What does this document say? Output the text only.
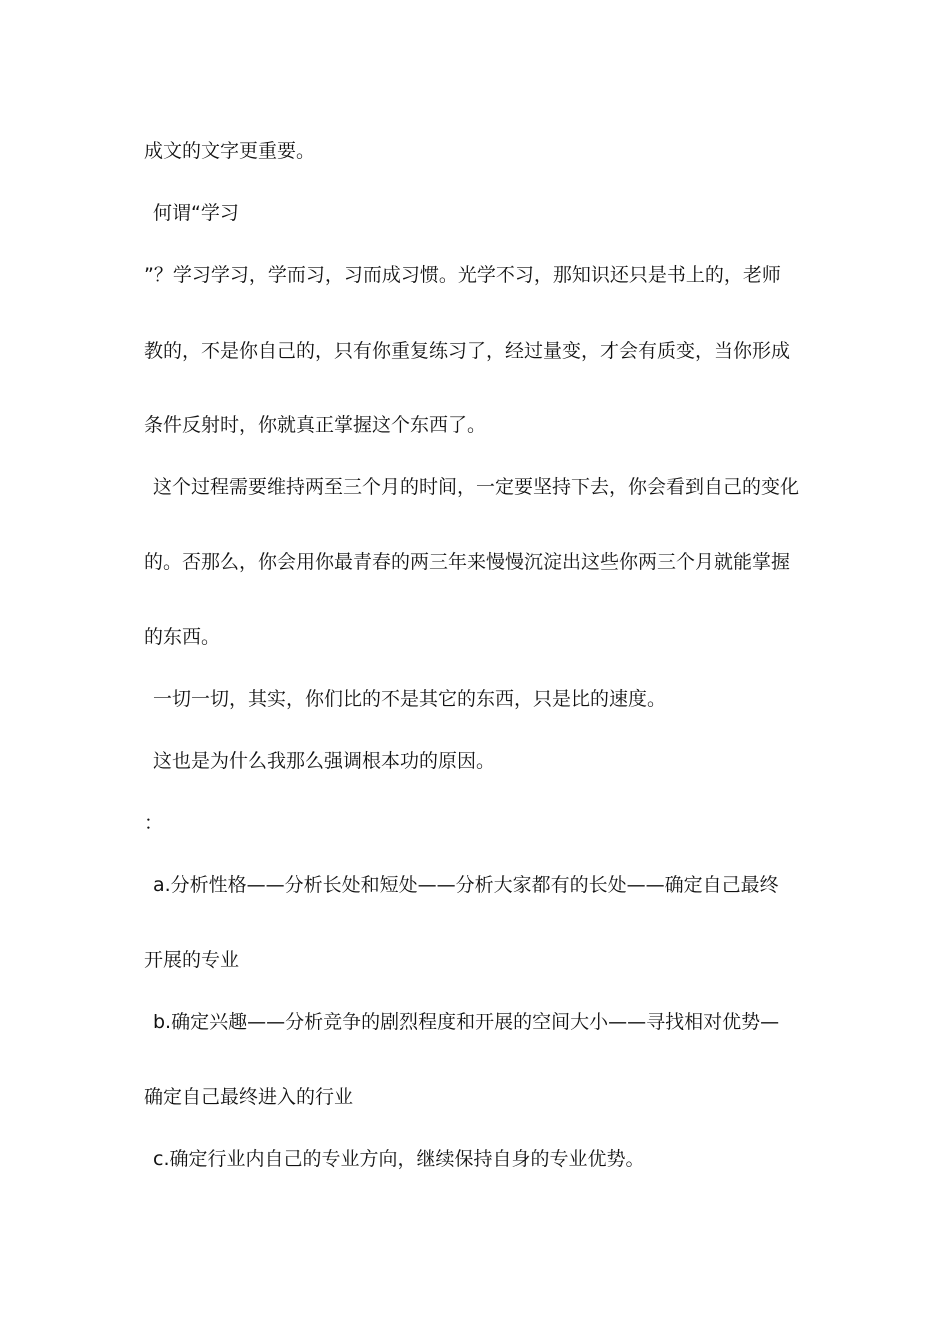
成文的文字更重要。
何谓“学习
”？学习学习，学而习，习而成习惯。光学不习，那知识还只是书上的，老师
教的，不是你自己的，只有你重复练习了，经过量变，才会有质变，当你形成
条件反射时，你就真正掌握这个东西了。
这个过程需要维持两至三个月的时间，一定要坚持下去，你会看到自己的变化
的。否那么，你会用你最青春的两三年来慢慢沉淀出这些你两三个月就能掌握
的东西。
一切一切，其实，你们比的不是其它的东西，只是比的速度。
这也是为什么我那么强调根本功的原因。
：
a.分析性格——分析长处和短处——分析大家都有的长处——确定自己最终
开展的专业
b.确定兴趣——分析竞争的剧烈程度和开展的空间大小——寻找相对优势—
确定自己最终进入的行业
c.确定行业内自己的专业方向，继续保持自身的专业优势。
